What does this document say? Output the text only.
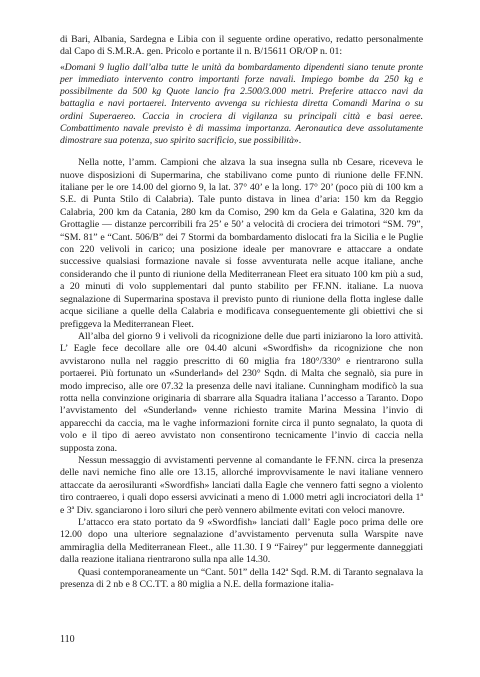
di Bari, Albania, Sardegna e Libia con il seguente ordine operativo, redatto personalmente dal Capo di S.M.R.A. gen. Pricolo e portante il n. B/15611 OR/OP n. 01:

«Domani 9 luglio dall’alba tutte le unità da bombardamento dipendenti siano tenute pronte per immediato intervento contro importanti forze navali. Impiego bombe da 250 kg e possibilmente da 500 kg Quote lancio fra 2.500/3.000 metri. Preferire attacco navi da battaglia e navi portaerei. Intervento avvenga su richiesta diretta Comandi Marina o su ordini Superaereo. Caccia in crociera di vigilanza su principali città e basi aeree. Combattimento navale previsto è di massima importanza. Aeronautica deve assolutamente dimostrare sua potenza, suo spirito sacrificio, sue possibilità».

Nella notte, l’amm. Campioni che alzava la sua insegna sulla nb Cesare, riceveva le nuove disposizioni di Supermarina, che stabilivano come punto di riunione delle FF.NN. italiane per le ore 14.00 del giorno 9, la lat. 37° 40’ e la long. 17° 20’ (poco più di 100 km a S.E. di Punta Stilo di Calabria). Tale punto distava in linea d’aria: 150 km da Reggio Calabria, 200 km da Catania, 280 km da Comiso, 290 km da Gela e Galatina, 320 km da Grottaglie — distanze percorribili fra 25’ e 50’ a velocità di crociera dei trimotori “SM. 79”, “SM. 81” e “Cant. 506/B” dei 7 Stormi da bombardamento dislocati fra la Sicilia e le Puglie con 220 velivoli in carico; una posizione ideale per manovrare e attaccare a ondate successive qualsiasi formazione navale si fosse avventurata nelle acque italiane, anche considerando che il punto di riunione della Mediterranean Fleet era situato 100 km più a sud, a 20 minuti di volo supplementari dal punto stabilito per FF.NN. italiane. La nuova segnalazione di Supermarina spostava il previsto punto di riunione della flotta inglese dalle acque siciliane a quelle della Calabria e modificava conseguentemente gli obiettivi che si prefiggeva la Mediterranean Fleet.

All’alba del giorno 9 i velivoli da ricognizione delle due parti iniziarono la loro attività. L’ Eagle fece decollare alle ore 04.40 alcuni «Swordfish» da ricognizione che non avvistarono nulla nel raggio prescritto di 60 miglia fra 180°/330° e rientrarono sulla portaerei. Più fortunato un «Sunderland» del 230° Sqdn. di Malta che segnalò, sia pure in modo impreciso, alle ore 07.32 la presenza delle navi italiane. Cunningham modificò la sua rotta nella convinzione originaria di sbarrare alla Squadra italiana l’accesso a Taranto. Dopo l’avvistamento del «Sunderland» venne richiesto tramite Marina Messina l’invio di apparecchi da caccia, ma le vaghe informazioni fornite circa il punto segnalato, la quota di volo e il tipo di aereo avvistato non consentirono tecnicamente l’invio di caccia nella supposta zona.

Nessun messaggio di avvistamenti pervenne al comandante le FF.NN. circa la presenza delle navi nemiche fino alle ore 13.15, allorché improvvisamente le navi italiane vennero attaccate da aerosiluranti «Swordfish» lanciati dalla Eagle che vennero fatti segno a violento tiro contraereo, i quali dopo essersi avvicinati a meno di 1.000 metri agli incrociatori della 1ª e 3ª Div. sganciarono i loro siluri che però vennero abilmente evitati con veloci manovre.

L’attacco era stato portato da 9 «Swordfish» lanciati dall’ Eagle poco prima delle ore 12.00 dopo una ulteriore segnalazione d’avvistamento pervenuta sulla Warspite nave ammiraglia della Mediterranean Fleet., alle 11.30. I 9 “Fairey” pur leggermente danneggiati dalla reazione italiana rientrarono sulla npa alle 14.30.

Quasi contemporaneamente un “Cant. 501” della 142ª Sqd. R.M. di Taranto segnalava la presenza di 2 nb e 8 CC.TT. a 80 miglia a N.E. della formazione italia-

110
